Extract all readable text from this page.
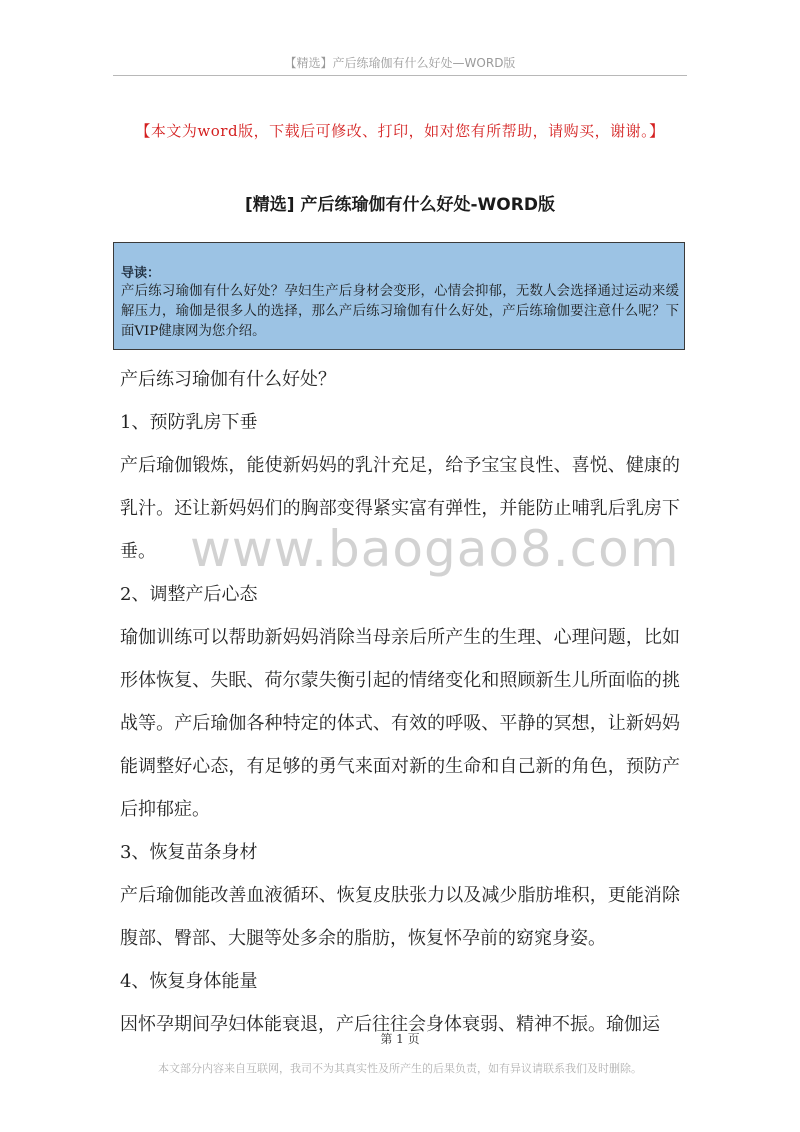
【精选】产后练瑜伽有什么好处—WORD版
【本文为word版，下载后可修改、打印，如对您有所帮助，请购买，谢谢。】
[精选] 产后练瑜伽有什么好处-WORD版
导读：
产后练习瑜伽有什么好处？孕妇生产后身材会变形，心情会抑郁，无数人会选择通过运动来缓解压力，瑜伽是很多人的选择，那么产后练习瑜伽有什么好处，产后练瑜伽要注意什么呢？下面VIP健康网为您介绍。
www.baogao8.com

产后练习瑜伽有什么好处？

1、预防乳房下垂

产后瑜伽锻炼，能使新妈妈的乳汁充足，给予宝宝良性、喜悦、健康的乳汁。还让新妈妈们的胸部变得紧实富有弹性，并能防止哺乳后乳房下垂。

2、调整产后心态

瑜伽训练可以帮助新妈妈消除当母亲后所产生的生理、心理问题，比如形体恢复、失眠、荷尔蒙失衡引起的情绪变化和照顾新生儿所面临的挑战等。产后瑜伽各种特定的体式、有效的呼吸、平静的冥想，让新妈妈能调整好心态，有足够的勇气来面对新的生命和自己新的角色，预防产后抑郁症。

3、恢复苗条身材

产后瑜伽能改善血液循环、恢复皮肤张力以及减少脂肪堆积，更能消除腹部、臀部、大腿等处多余的脂肪，恢复怀孕前的窈窕身姿。

4、恢复身体能量

因怀孕期间孕妇体能衰退，产后往往会身体衰弱、精神不振。瑜伽运

第 1 页
本文部分内容来自互联网，我司不为其真实性及所产生的后果负责，如有异议请联系我们及时删除。
